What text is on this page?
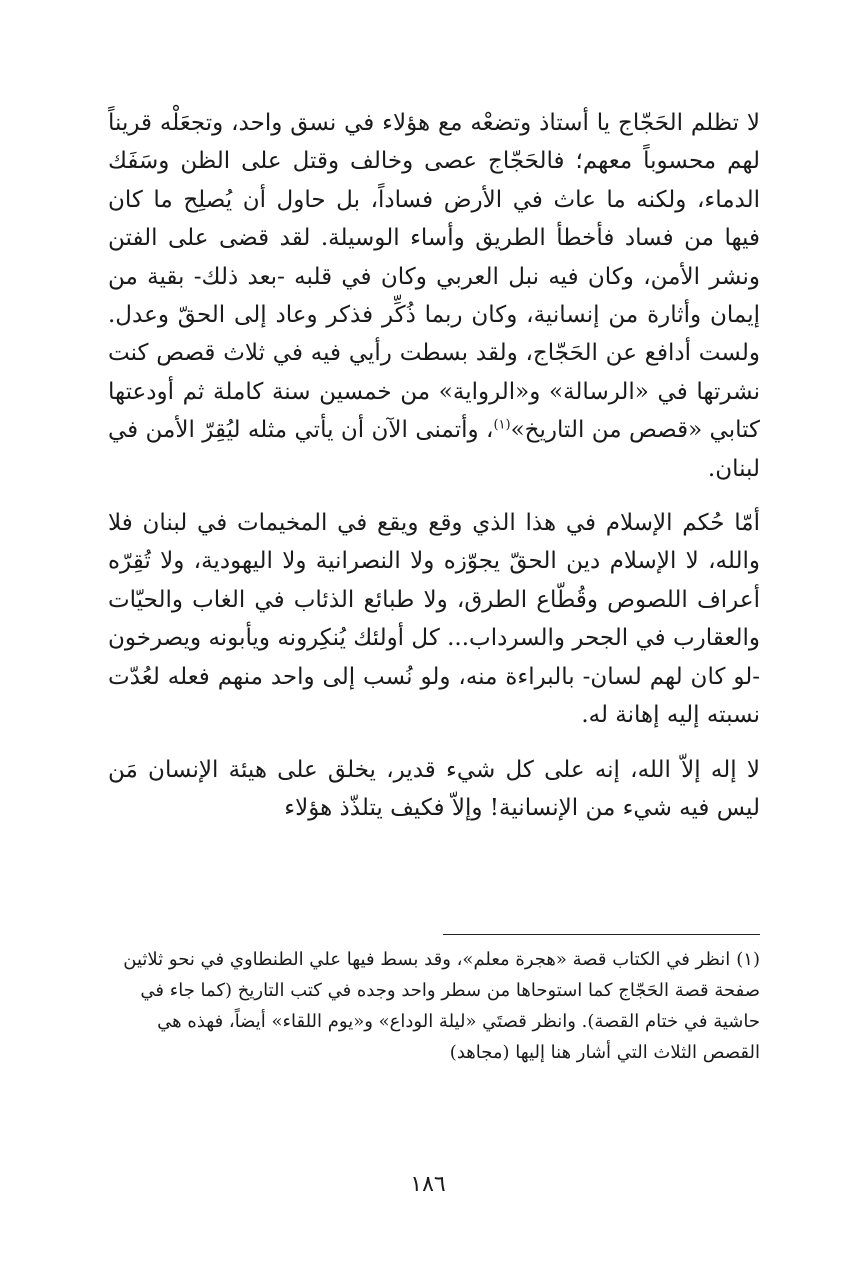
لا تظلم الحَجّاج يا أستاذ وتضعْه مع هؤلاء في نسق واحد، وتجعَلْه قريناً لهم محسوباً معهم؛ فالحَجّاج عصى وخالف وقتل على الظن وسَفَك الدماء، ولكنه ما عاث في الأرض فساداً، بل حاول أن يُصلِح ما كان فيها من فساد فأخطأ الطريق وأساء الوسيلة. لقد قضى على الفتن ونشر الأمن، وكان فيه نبل العربي وكان في قلبه -بعد ذلك- بقية من إيمان وأثارة من إنسانية، وكان ربما ذُكِّر فذكر وعاد إلى الحقّ وعدل. ولست أدافع عن الحَجّاج، ولقد بسطت رأيي فيه في ثلاث قصص كنت نشرتها في «الرسالة» و«الرواية» من خمسين سنة كاملة ثم أودعتها كتابي «قصص من التاريخ»$^{(١)}$، وأتمنى الآن أن يأتي مثله ليُقِرّ الأمن في لبنان.

أمّا حُكم الإسلام في هذا الذي وقع ويقع في المخيمات في لبنان فلا والله، لا الإسلام دين الحقّ يجوّزه ولا النصرانية ولا اليهودية، ولا تُقِرّه أعراف اللصوص وقُطّاع الطرق، ولا طبائع الذئاب في الغاب والحيّات والعقارب في الجحر والسرداب... كل أولئك يُنكِرونه ويأبونه ويصرخون -لو كان لهم لسان- بالبراءة منه، ولو نُسب إلى واحد منهم فعله لعُدّت نسبته إليه إهانة له.

لا إله إلاّ الله، إنه على كل شيء قدير، يخلق على هيئة الإنسان مَن ليس فيه شيء من الإنسانية! وإلاّ فكيف يتلذّذ هؤلاء

(١)انظر في الكتاب قصة «هجرة معلم»، وقد بسط فيها علي الطنطاوي في نحو ثلاثين صفحة قصة الحَجّاج كما استوحاها من سطر واحد وجده في كتب التاريخ (كما جاء في حاشية في ختام القصة). وانظر قصتَي «ليلة الوداع» و«يوم اللقاء» أيضاً، فهذه هي القصص الثلاث التي أشار هنا إليها (مجاهد)

١٨٦
